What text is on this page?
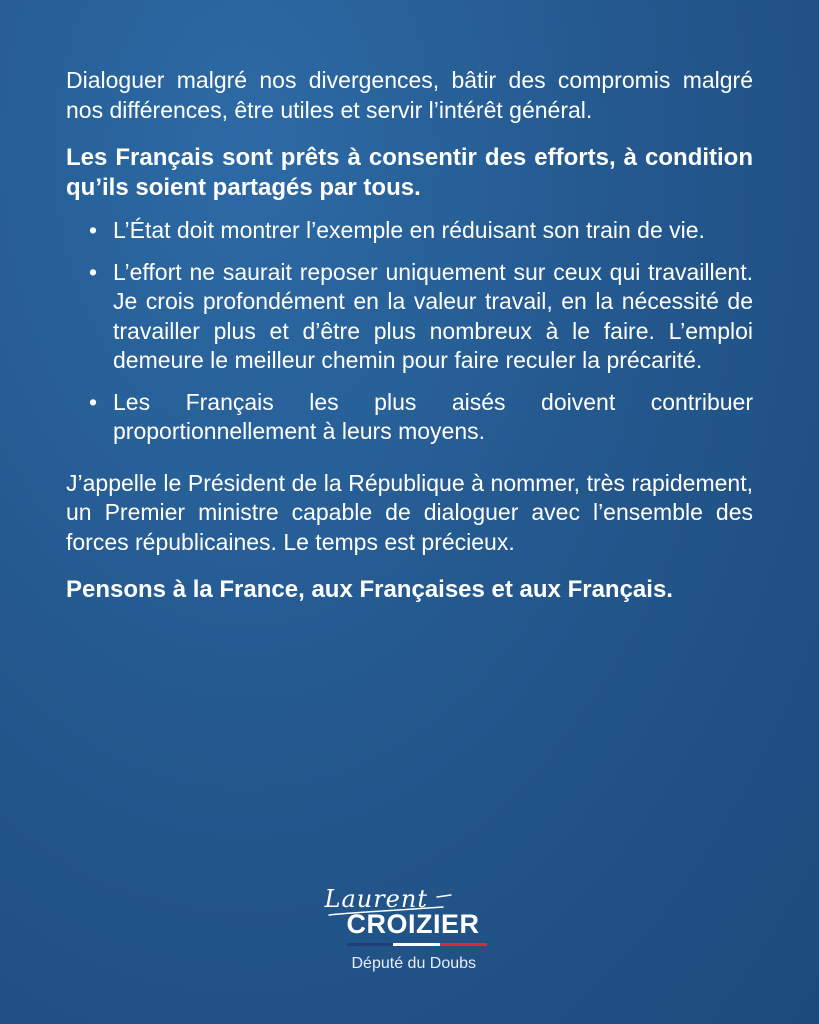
Dialoguer malgré nos divergences, bâtir des compromis malgré nos différences, être utiles et servir l’intérêt général.

Les Français sont prêts à consentir des efforts, à condition qu’ils soient partagés par tous.

• L’État doit montrer l’exemple en réduisant son train de vie.

• L’effort ne saurait reposer uniquement sur ceux qui travaillent. Je crois profondément en la valeur travail, en la nécessité de travailler plus et d’être plus nombreux à le faire. L’emploi demeure le meilleur chemin pour faire reculer la précarité.

• Les Français les plus aisés doivent contribuer proportionnellement à leurs moyens.

J’appelle le Président de la République à nommer, très rapidement, un Premier ministre capable de dialoguer avec l’ensemble des forces républicaines. Le temps est précieux.

Pensons à la France, aux Françaises et aux Français.

Laurent
CROIZIER
Député du Doubs
